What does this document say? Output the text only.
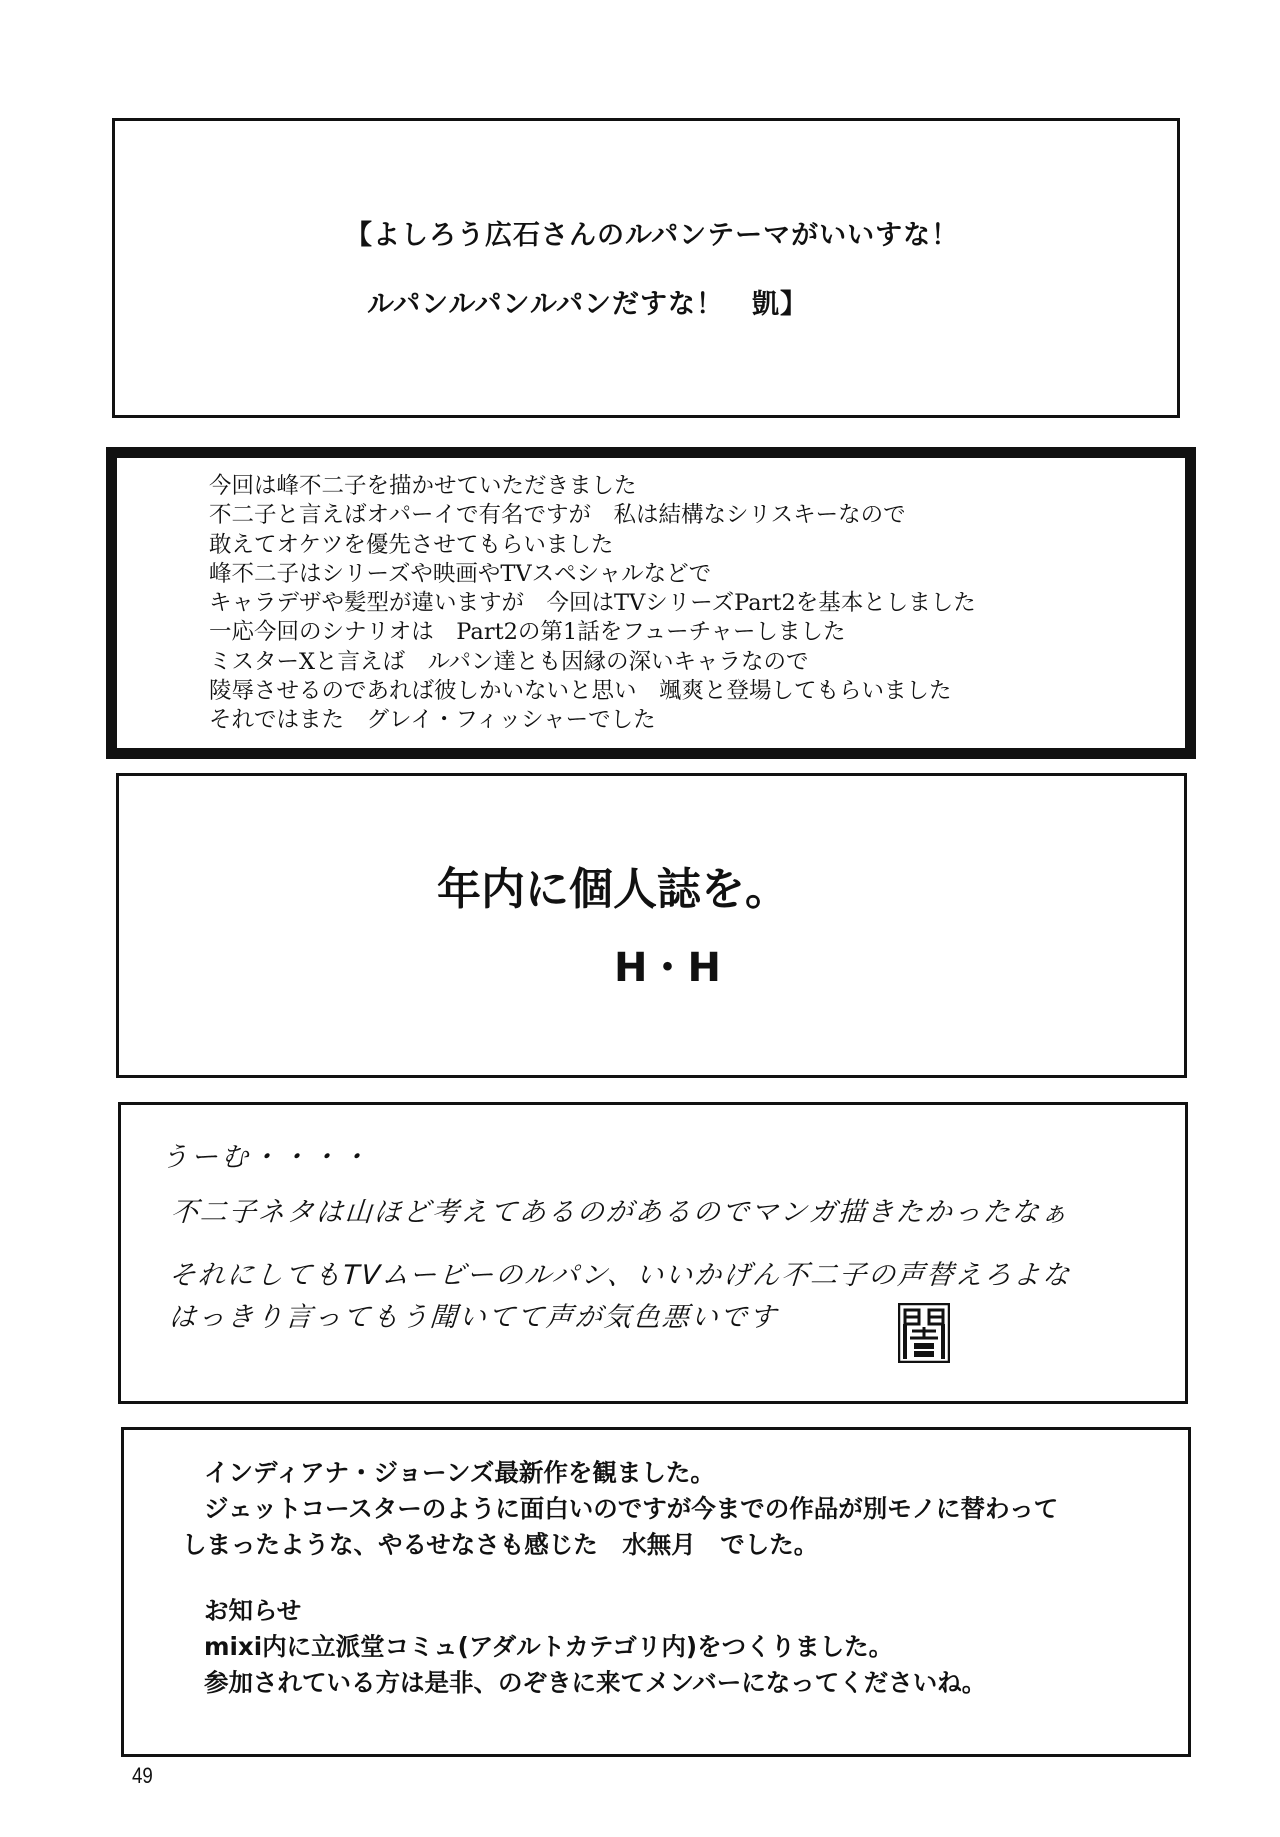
【よしろう広石さんのルパンテーマがいいすな！
ルパンルパンルパンだすな！　凱】
今回は峰不二子を描かせていただきました
不二子と言えばオパーイで有名ですが　私は結構なシリスキーなので
敢えてオケツを優先させてもらいました
峰不二子はシリーズや映画やTVスペシャルなどで
キャラデザや髪型が違いますが　今回はTVシリーズPart2を基本としました
一応今回のシナリオは　Part2の第1話をフューチャーしました
ミスターXと言えば　ルパン達とも因縁の深いキャラなので
陵辱させるのであれば彼しかいないと思い　颯爽と登場してもらいました
それではまた　グレイ・フィッシャーでした
年内に個人誌を。
H・H
うーむ・・・・
不二子ネタは山ほど考えてあるのがあるのでマンガ描きたかったなぁ
それにしてもTVムービーのルパン、いいかげん不二子の声替えろよな
はっきり言ってもう聞いてて声が気色悪いです
インディアナ・ジョーンズ最新作を観ました。
ジェットコースターのように面白いのですが今までの作品が別モノに替わって
しまったような、やるせなさも感じた　水無月　でした。
お知らせ
mixi内に立派堂コミュ(アダルトカテゴリ内)をつくりました。
参加されている方は是非、のぞきに来てメンバーになってくださいね。
49
